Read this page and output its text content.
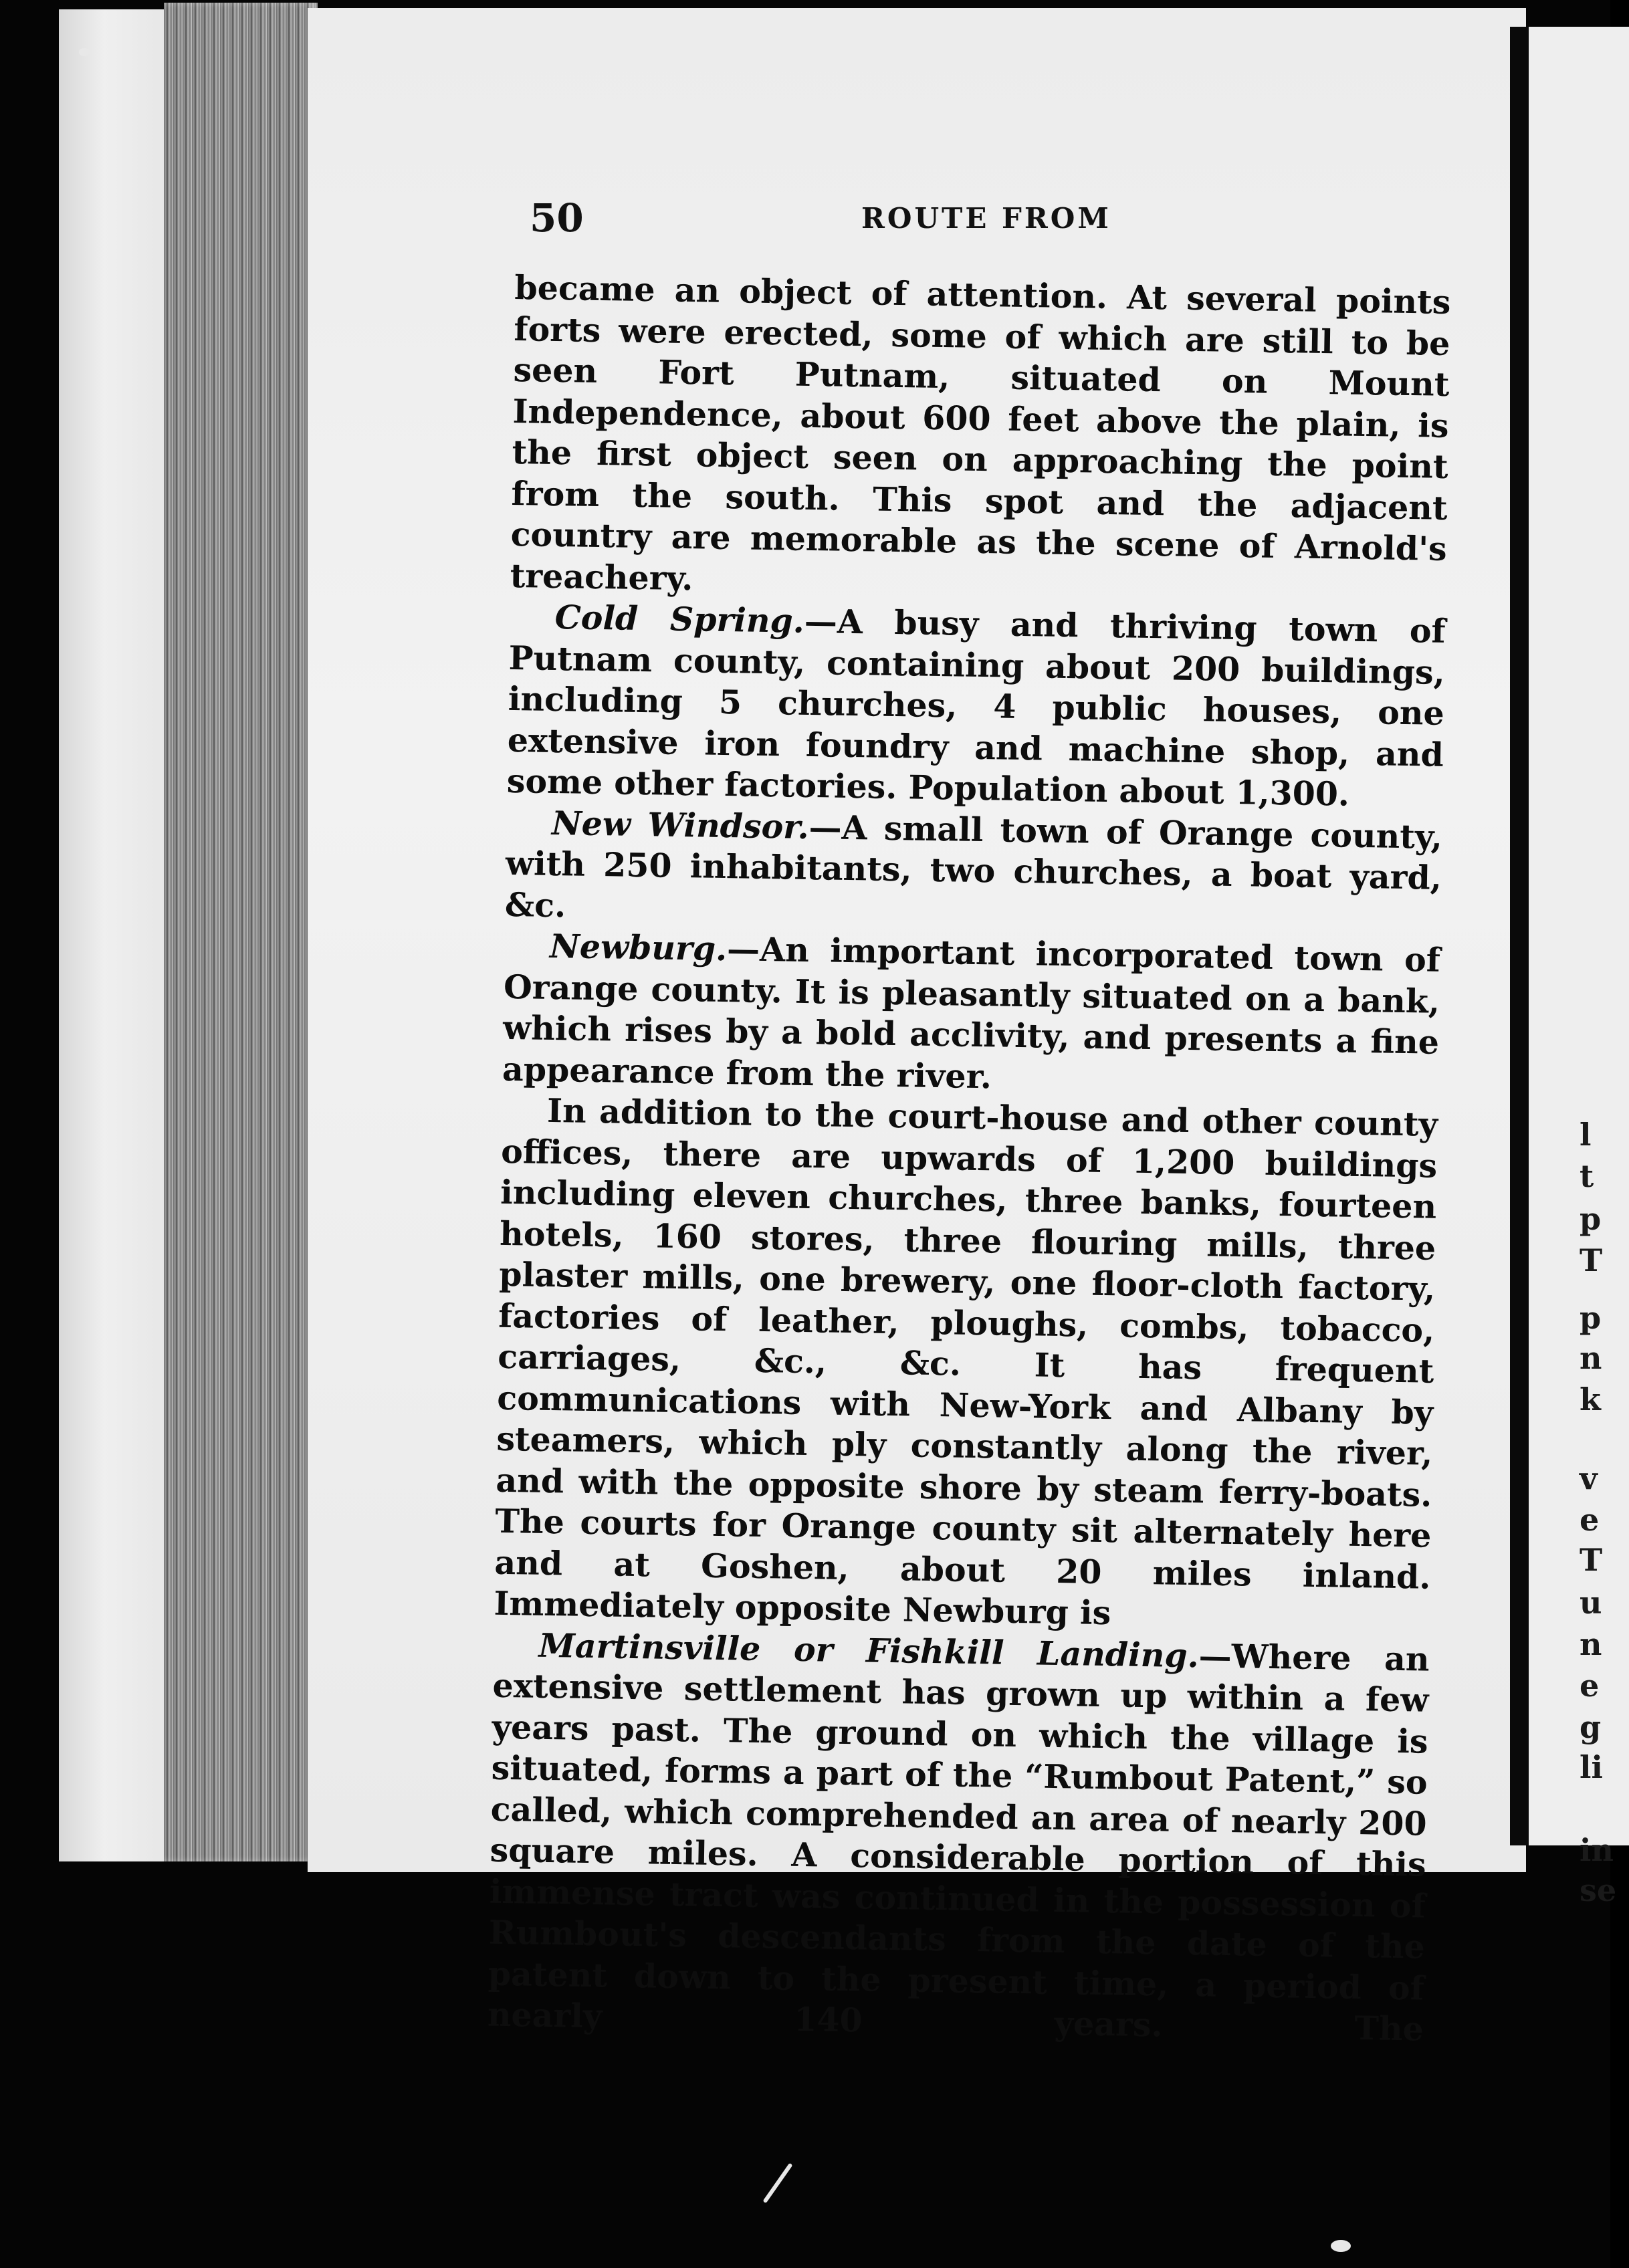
l
t
p
T
p
n
k
v
e
T
u
n
e
g
li
in
se
50	ROUTE FROM

became an object of attention. At several points forts were erected, some of which are still to be seen Fort Putnam, situated on Mount Independence, about 600 feet above the plain, is the first object seen on approaching the point from the south. This spot and the adjacent country are memorable as the scene of Arnold's treachery.

Cold Spring.—A busy and thriving town of Putnam county, containing about 200 buildings, including 5 churches, 4 public houses, one extensive iron foundry and machine shop, and some other factories. Population about 1,300.

New Windsor.—A small town of Orange county, with 250 inhabitants, two churches, a boat yard, &c.

Newburg.—An important incorporated town of Orange county. It is pleasantly situated on a bank, which rises by a bold acclivity, and presents a fine appearance from the river.

In addition to the court-house and other county offices, there are upwards of 1,200 buildings including eleven churches, three banks, fourteen hotels, 160 stores, three flouring mills, three plaster mills, one brewery, one floor-cloth factory, factories of leather, ploughs, combs, tobacco, carriages, &c., &c. It has frequent communications with New-York and Albany by steamers, which ply constantly along the river, and with the opposite shore by steam ferry-boats. The courts for Orange county sit alternately here and at Goshen, about 20 miles inland. Immediately opposite Newburg is

Martinsville or Fishkill Landing.—Where an extensive settlement has grown up within a few years past. The ground on which the village is situated, forms a part of the “Rumbout Patent,” so called, which comprehended an area of nearly 200 square miles. A considerable portion of this immense tract was continued in the possession of Rumbout's descendants from the date of the patent down to the present time, a period of nearly 140 years. The
